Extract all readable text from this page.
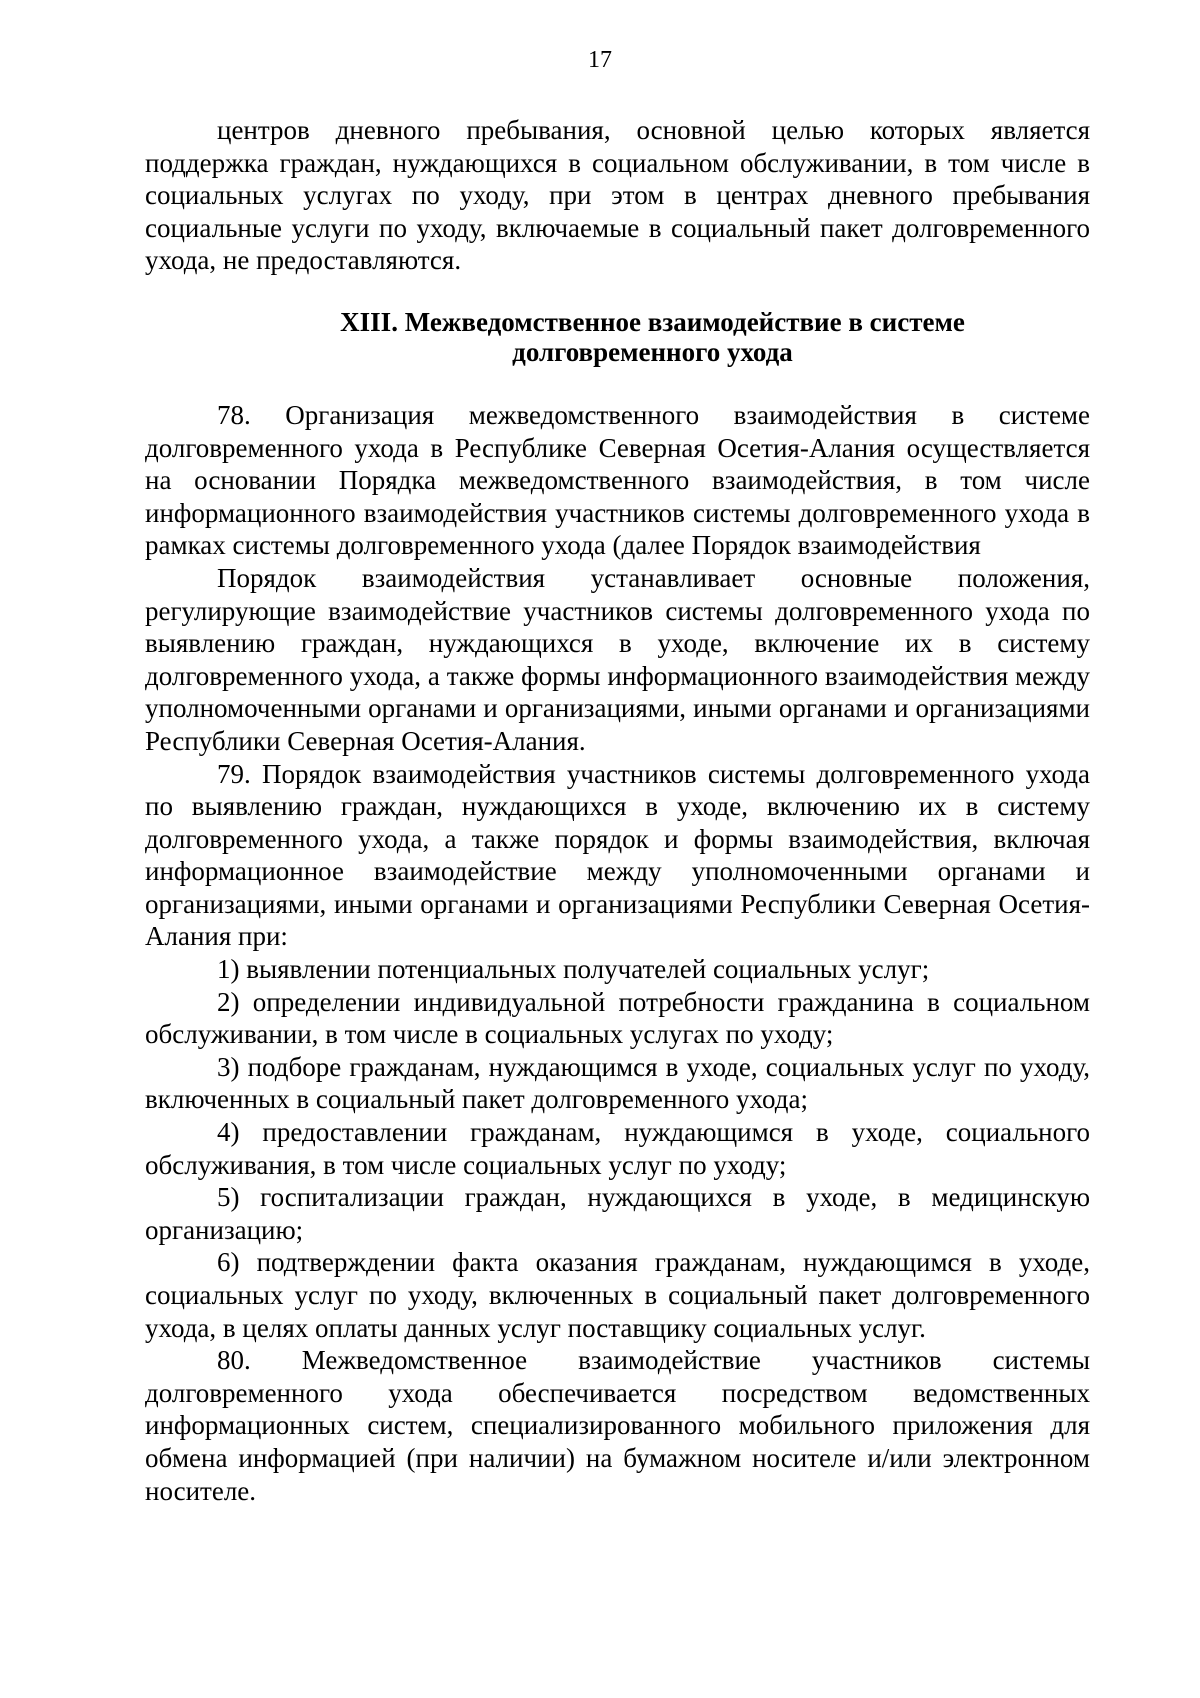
17

центров дневного пребывания, основной целью которых является поддержка граждан, нуждающихся в социальном обслуживании, в том числе в социальных услугах по уходу, при этом в центрах дневного пребывания социальные услуги по уходу, включаемые в социальный пакет долговременного ухода, не предоставляются.

XIII. Межведомственное взаимодействие в системе
долговременного ухода

78. Организация межведомственного взаимодействия в системе долговременного ухода в Республике Северная Осетия-Алания осуществляется на основании Порядка межведомственного взаимодействия, в том числе информационного взаимодействия участников системы долговременного ухода в рамках системы долговременного ухода (далее Порядок взаимодействия

Порядок взаимодействия устанавливает основные положения, регулирующие взаимодействие участников системы долговременного ухода по выявлению граждан, нуждающихся в уходе, включение их в систему долговременного ухода, а также формы информационного взаимодействия между уполномоченными органами и организациями, иными органами и организациями Республики Северная Осетия-Алания.

79. Порядок взаимодействия участников системы долговременного ухода по выявлению граждан, нуждающихся в уходе, включению их в систему долговременного ухода, а также порядок и формы взаимодействия, включая информационное взаимодействие между уполномоченными органами и организациями, иными органами и организациями Республики Северная Осетия-Алания при:

1) выявлении потенциальных получателей социальных услуг;

2) определении индивидуальной потребности гражданина в социальном обслуживании, в том числе в социальных услугах по уходу;

3) подборе гражданам, нуждающимся в уходе, социальных услуг по уходу, включенных в социальный пакет долговременного ухода;

4) предоставлении гражданам, нуждающимся в уходе, социального обслуживания, в том числе социальных услуг по уходу;

5) госпитализации граждан, нуждающихся в уходе, в медицинскую организацию;

6) подтверждении факта оказания гражданам, нуждающимся в уходе, социальных услуг по уходу, включенных в социальный пакет долговременного ухода, в целях оплаты данных услуг поставщику социальных услуг.

80. Межведомственное взаимодействие участников системы долговременного ухода обеспечивается посредством ведомственных информационных систем, специализированного мобильного приложения для обмена информацией (при наличии) на бумажном носителе и/или электронном носителе.
